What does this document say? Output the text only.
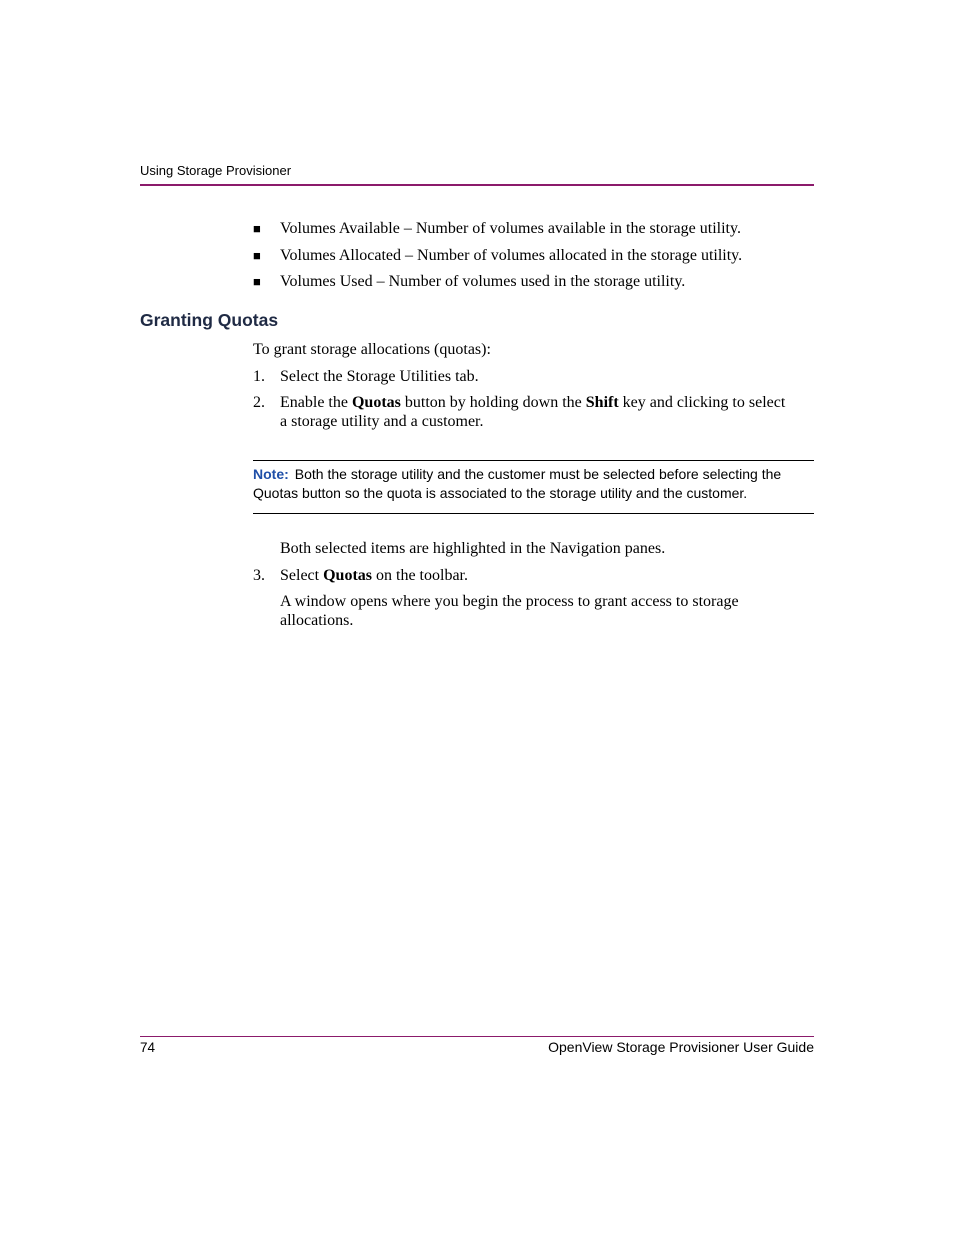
Using Storage Provisioner
■	Volumes Available – Number of volumes available in the storage utility.
■	Volumes Allocated – Number of volumes allocated in the storage utility.
■	Volumes Used – Number of volumes used in the storage utility.
Granting Quotas
To grant storage allocations (quotas):
1. Select the Storage Utilities tab.
2. Enable the Quotas button by holding down the Shift key and clicking to select a storage utility and a customer.
Note: Both the storage utility and the customer must be selected before selecting the Quotas button so the quota is associated to the storage utility and the customer.
Both selected items are highlighted in the Navigation panes.
3. Select Quotas on the toolbar.
A window opens where you begin the process to grant access to storage allocations.
74	OpenView Storage Provisioner User Guide
